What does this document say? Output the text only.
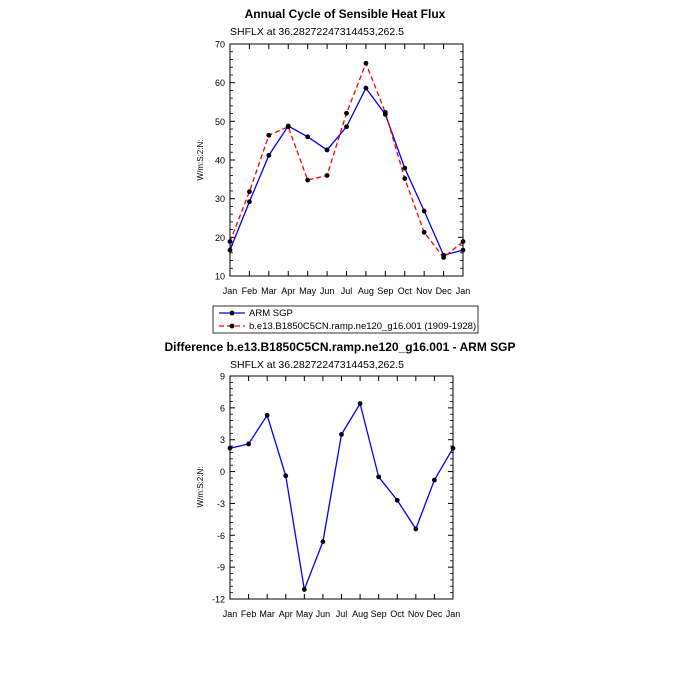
Annual Cycle of Sensible Heat Flux
SHFLX at 36.28272247314453,262.5
W/m:S:2:N:
10
20
30
40
50
60
70
Jan Feb Mar Apr May Jun Jul Aug Sep Oct Nov Dec Jan
ARM SGP
b.e13.B1850C5CN.ramp.ne120_g16.001 (1909-1928)
Difference b.e13.B1850C5CN.ramp.ne120_g16.001 - ARM SGP
SHFLX at 36.28272247314453,262.5
W/m:S:2:N:
-12
-9
-6
-3
0
3
6
9
Jan Feb Mar Apr May Jun Jul Aug Sep Oct Nov Dec Jan
